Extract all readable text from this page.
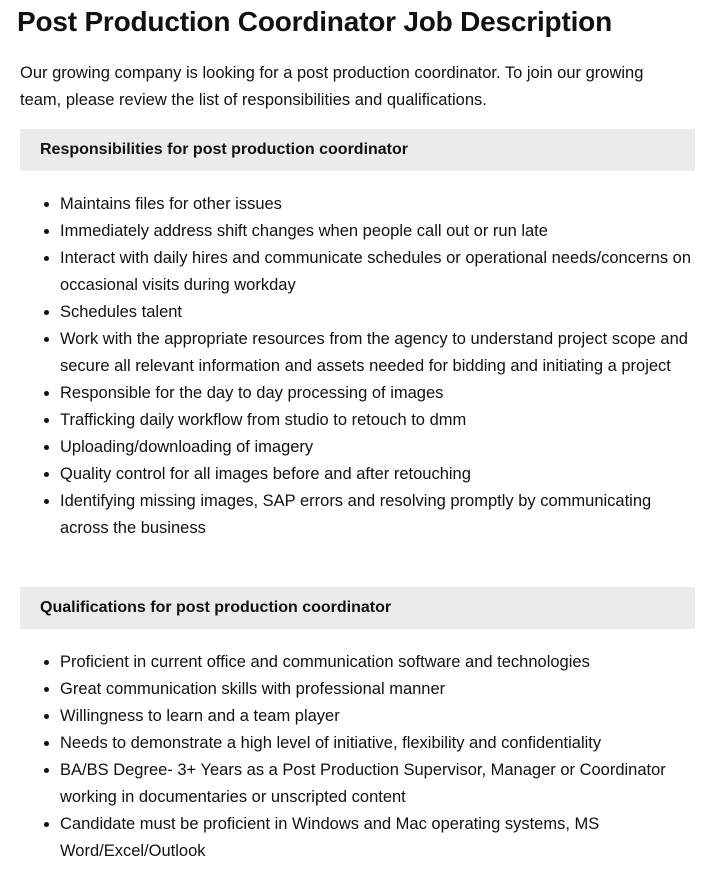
Post Production Coordinator Job Description

Our growing company is looking for a post production coordinator. To join our growing team, please review the list of responsibilities and qualifications.

Responsibilities for post production coordinator
• Maintains files for other issues
• Immediately address shift changes when people call out or run late
• Interact with daily hires and communicate schedules or operational needs/concerns on occasional visits during workday
• Schedules talent
• Work with the appropriate resources from the agency to understand project scope and secure all relevant information and assets needed for bidding and initiating a project
• Responsible for the day to day processing of images
• Trafficking daily workflow from studio to retouch to dmm
• Uploading/downloading of imagery
• Quality control for all images before and after retouching
• Identifying missing images, SAP errors and resolving promptly by communicating across the business
Qualifications for post production coordinator
• Proficient in current office and communication software and technologies
• Great communication skills with professional manner
• Willingness to learn and a team player
• Needs to demonstrate a high level of initiative, flexibility and confidentiality
• BA/BS Degree- 3+ Years as a Post Production Supervisor, Manager or Coordinator working in documentaries or unscripted content
• Candidate must be proficient in Windows and Mac operating systems, MS Word/Excel/Outlook
